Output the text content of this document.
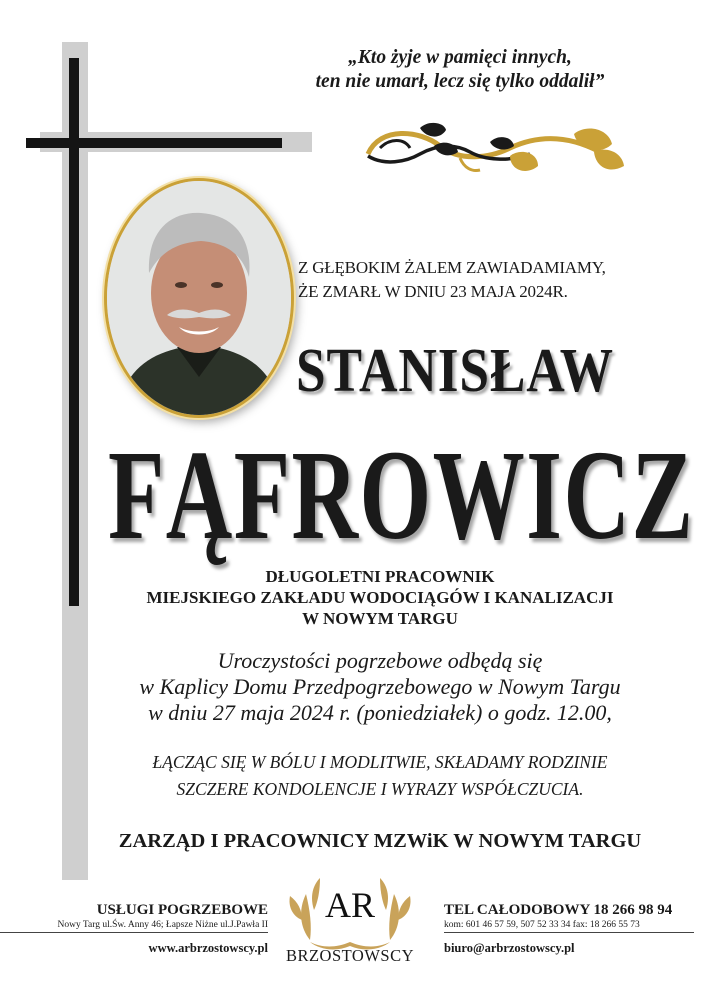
„Kto żyje w pamięci innych,
ten nie umarł, lecz się tylko oddalił”
Z GŁĘBOKIM ŻALEM ZAWIADAMIAMY,
ŻE ZMARŁ W DNIU 23 MAJA 2024R.
STANISŁAW
FĄFROWICZ
DŁUGOLETNI PRACOWNIK
MIEJSKIEGO ZAKŁADU WODOCIĄGÓW I KANALIZACJI
W NOWYM TARGU
Uroczystości pogrzebowe odbędą się
w Kaplicy Domu Przedpogrzebowego w Nowym Targu
w dniu 27 maja 2024 r. (poniedziałek) o godz. 12.00,
ŁĄCZĄC SIĘ W BÓLU I MODLITWIE, SKŁADAMY RODZINIE
SZCZERE KONDOLENCJE I WYRAZY WSPÓŁCZUCIA.
ZARZĄD I PRACOWNICY MZWiK W NOWYM TARGU
USŁUGI POGRZEBOWE
Nowy Targ ul.Św. Anny 46; Łapsze Niżne ul.J.Pawła II
www.arbrzostowscy.pl
AR
BRZOSTOWSCY
TEL CAŁODOBOWY 18 266 98 94
kom: 601 46 57 59, 507 52 33 34 fax: 18 266 55 73
biuro@arbrzostowscy.pl
